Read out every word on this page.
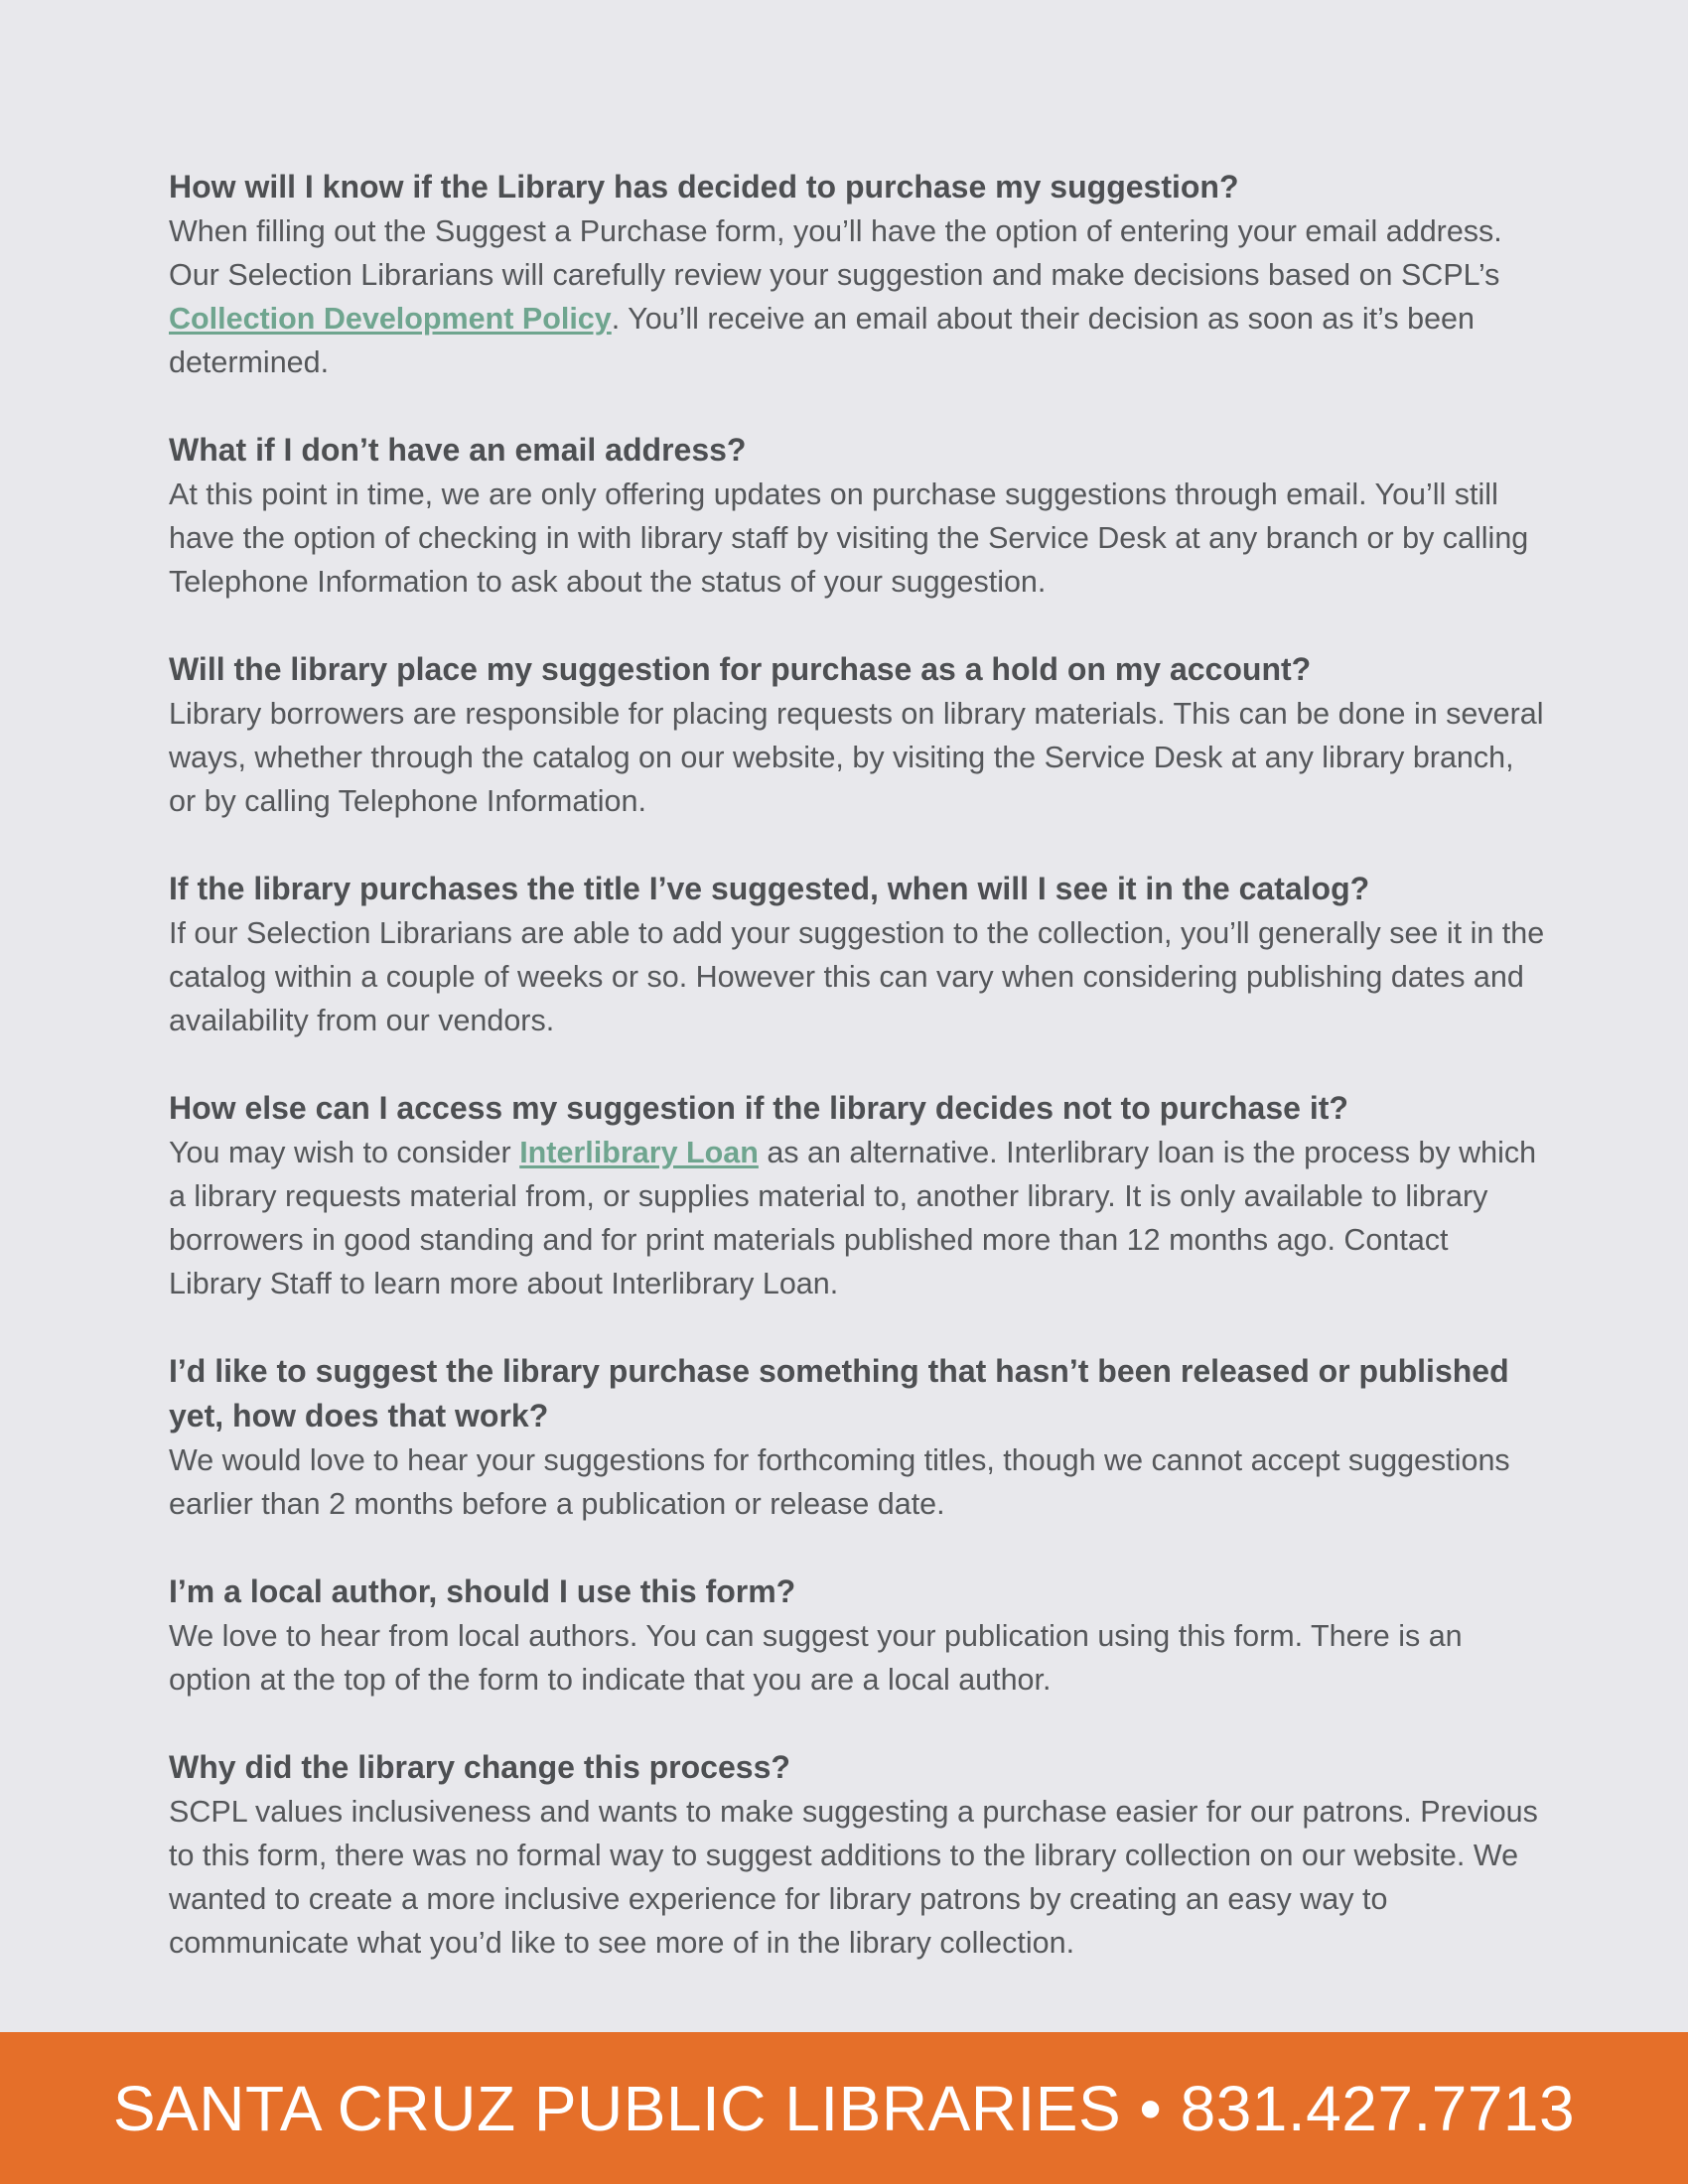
How will I know if the Library has decided to purchase my suggestion?

When filling out the Suggest a Purchase form, you’ll have the option of entering your email address. Our Selection Librarians will carefully review your suggestion and make decisions based on SCPL’s Collection Development Policy. You’ll receive an email about their decision as soon as it’s been determined.

What if I don’t have an email address?

At this point in time, we are only offering updates on purchase suggestions through email. You’ll still have the option of checking in with library staff by visiting the Service Desk at any branch or by calling Telephone Information to ask about the status of your suggestion.

Will the library place my suggestion for purchase as a hold on my account?

Library borrowers are responsible for placing requests on library materials. This can be done in several ways, whether through the catalog on our website, by visiting the Service Desk at any library branch, or by calling Telephone Information.

If the library purchases the title I’ve suggested, when will I see it in the catalog?

If our Selection Librarians are able to add your suggestion to the collection, you’ll generally see it in the catalog within a couple of weeks or so. However this can vary when considering publishing dates and availability from our vendors.

How else can I access my suggestion if the library decides not to purchase it?

You may wish to consider Interlibrary Loan as an alternative. Interlibrary loan is the process by which a library requests material from, or supplies material to, another library. It is only available to library borrowers in good standing and for print materials published more than 12 months ago. Contact Library Staff to learn more about Interlibrary Loan.

I’d like to suggest the library purchase something that hasn’t been released or published yet, how does that work?

We would love to hear your suggestions for forthcoming titles, though we cannot accept suggestions earlier than 2 months before a publication or release date.

I’m a local author, should I use this form?

We love to hear from local authors. You can suggest your publication using this form. There is an option at the top of the form to indicate that you are a local author.

Why did the library change this process?

SCPL values inclusiveness and wants to make suggesting a purchase easier for our patrons. Previous to this form, there was no formal way to suggest additions to the library collection on our website. We wanted to create a more inclusive experience for library patrons by creating an easy way to communicate what you’d like to see more of in the library collection.

SANTA CRUZ PUBLIC LIBRARIES • 831.427.7713
